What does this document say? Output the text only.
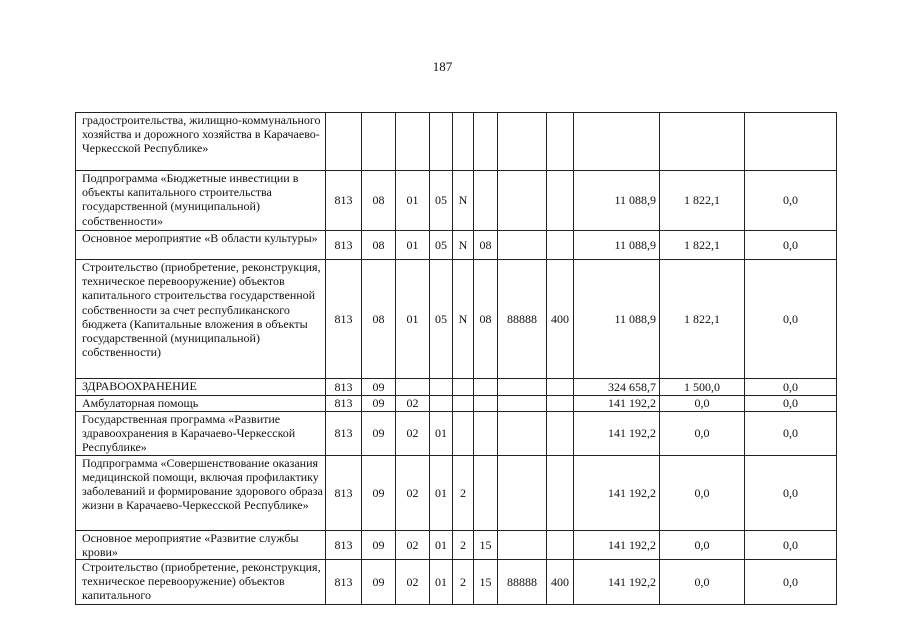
187
градостроительства, жилищно-коммунального хозяйства и дорожного хозяйства в Карачаево-Черкесской Республике»											
Подпрограмма «Бюджетные инвестиции в объекты капитального строительства государственной (муниципальной) собственности»	813	08	01	05	N				11 088,9	1 822,1	0,0
Основное мероприятие «В области культуры»	813	08	01	05	N	08			11 088,9	1 822,1	0,0
Строительство (приобретение, реконструкция, техническое перевооружение) объектов капитального строительства государственной собственности за счет республиканского бюджета (Капитальные вложения в объекты государственной (муниципальной) собственности)	813	08	01	05	N	08	88888	400	11 088,9	1 822,1	0,0
ЗДРАВООХРАНЕНИЕ	813	09							324 658,7	1 500,0	0,0
Амбулаторная помощь	813	09	02						141 192,2	0,0	0,0
Государственная программа «Развитие здравоохранения в Карачаево-Черкесской Республике»	813	09	02	01					141 192,2	0,0	0,0
Подпрограмма «Совершенствование оказания медицинской помощи, включая профилактику заболеваний и формирование здорового образа жизни в Карачаево-Черкесской Республике»	813	09	02	01	2				141 192,2	0,0	0,0
Основное мероприятие «Развитие службы крови»	813	09	02	01	2	15			141 192,2	0,0	0,0
Строительство (приобретение, реконструкция, техническое перевооружение) объектов капитального	813	09	02	01	2	15	88888	400	141 192,2	0,0	0,0
